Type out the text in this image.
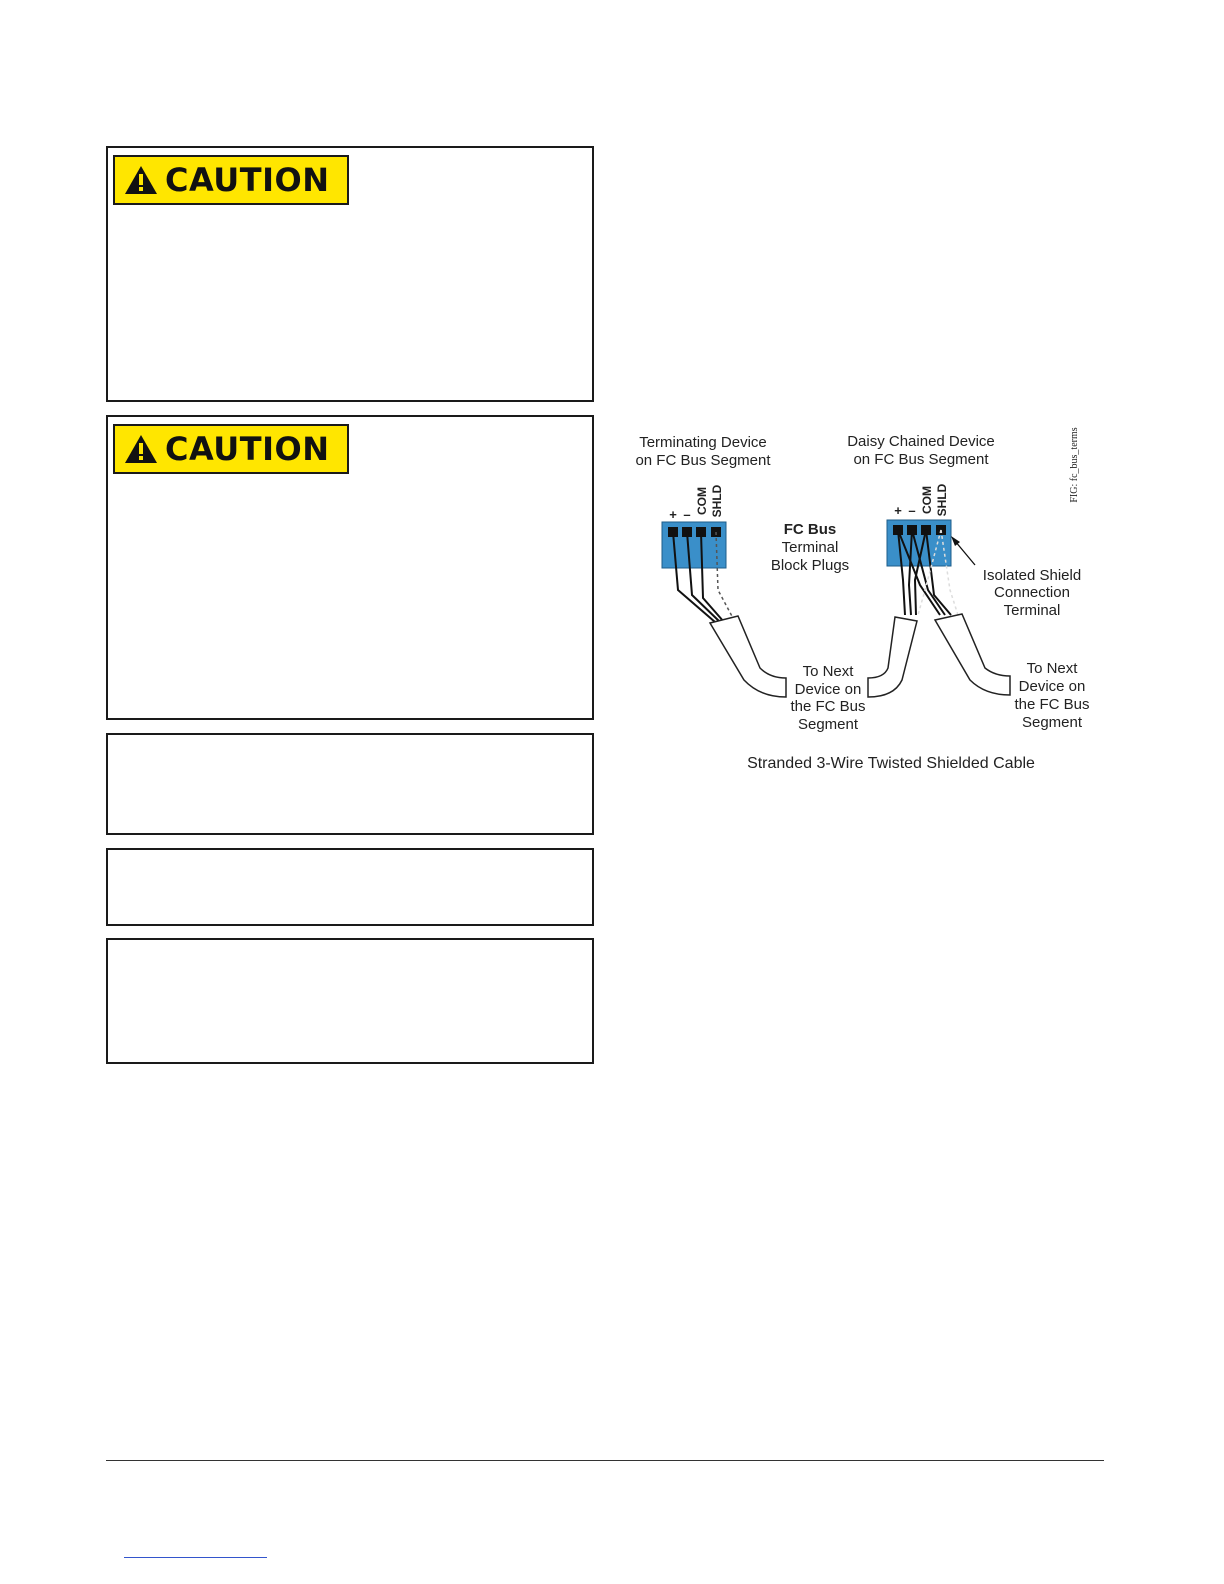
CAUTION
CAUTION	Terminating Device
on FC Bus Segment
Daisy Chained Device
on FC Bus Segment	FIG: fc_bus_terms
+ – COM SHLD	+ – COM SHLD
FC Bus
Terminal
Block Plugs
Isolated Shield
Connection
Terminal
To Next
Device on
the FC Bus
Segment
To Next
Device on
the FC Bus
Segment
Stranded 3-Wire Twisted Shielded Cable
